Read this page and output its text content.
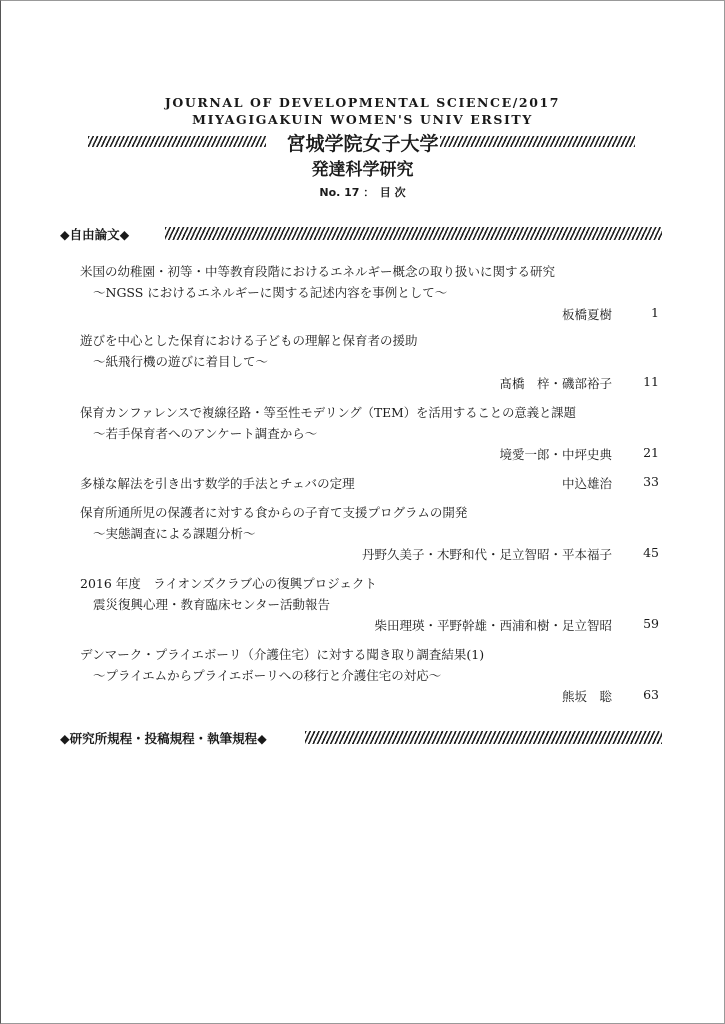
JOURNAL OF DEVELOPMENTAL SCIENCE/2017
MIYAGIGAKUIN WOMEN'S UNIV ERSITY
宮城学院女子大学
発達科学研究
No. 17 ：　目 次
◆自由論文◆
米国の幼稚園・初等・中等教育段階におけるエネルギー概念の取り扱いに関する研究
〜NGSS におけるエネルギーに関する記述内容を事例として〜
板橋夏樹	1
遊びを中心とした保育における子どもの理解と保育者の援助
〜紙飛行機の遊びに着目して〜
髙橋　梓・磯部裕子	11
保育カンファレンスで複線径路・等至性モデリング（TEM）を活用することの意義と課題
〜若手保育者へのアンケート調査から〜
境愛一郎・中坪史典	21
多様な解法を引き出す数学的手法とチェバの定理	中込雄治	33
保育所通所児の保護者に対する食からの子育て支援プログラムの開発
〜実態調査による課題分析〜
丹野久美子・木野和代・足立智昭・平本福子	45
2016 年度　ライオンズクラブ心の復興プロジェクト
震災復興心理・教育臨床センター活動報告
柴田理瑛・平野幹雄・西浦和樹・足立智昭	59
デンマーク・プライエボーリ（介護住宅）に対する聞き取り調査結果(1)
〜プライエムからプライエボーリへの移行と介護住宅の対応〜
熊坂　聡	63
◆研究所規程・投稿規程・執筆規程◆
